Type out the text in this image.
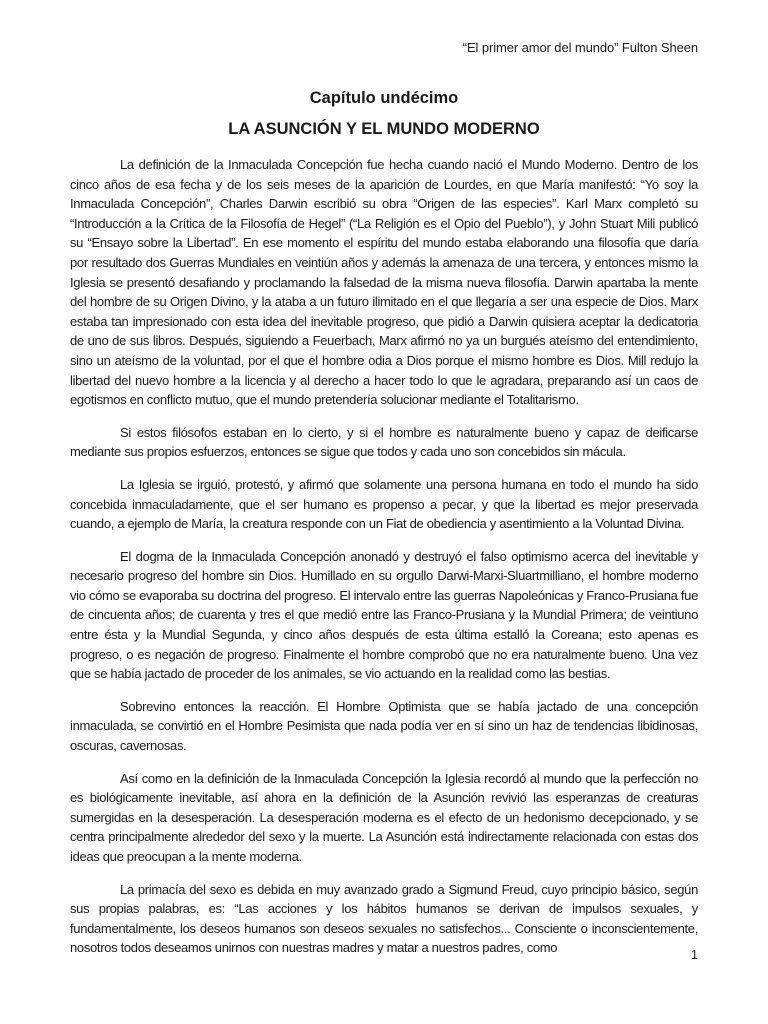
“El primer amor del mundo” Fulton Sheen
Capítulo undécimo
LA ASUNCIÓN Y EL MUNDO MODERNO

La definición de la Inmaculada Concepción fue hecha cuando nació el Mundo Moderno. Dentro de los cinco años de esa fecha y de los seis meses de la aparición de Lourdes, en que María manifestó: “Yo soy la Inmaculada Concepción”, Charles Darwin escribió su obra “Origen de las especies”. Karl Marx completó su “Introducción a la Crítica de la Filosofía de Hegel” (“La Religión es el Opio del Pueblo”), y John Stuart Mili publicó su “Ensayo sobre la Libertad”. En ese momento el espíritu del mundo estaba elaborando una filosofía que daría por resultado dos Guerras Mundiales en veintiún años y además la amenaza de una tercera, y entonces mismo la Iglesia se presentó desafiando y proclamando la falsedad de la misma nueva filosofía. Darwin apartaba la mente del hombre de su Origen Divino, y la ataba a un futuro ilimitado en el que llegaría a ser una especie de Dios. Marx estaba tan impresionado con esta idea del inevitable progreso, que pidió a Darwin quisiera aceptar la dedicatoria de uno de sus libros. Después, siguiendo a Feuerbach, Marx afirmó no ya un burgués ateísmo del entendimiento, sino un ateísmo de la voluntad, por el que el hombre odia a Dios porque el mismo hombre es Dios. Mill redujo la libertad del nuevo hombre a la licencia y al derecho a hacer todo lo que le agradara, preparando así un caos de egotismos en conflicto mutuo, que el mundo pretendería solucionar mediante el Totalitarismo.

Si estos filósofos estaban en lo cierto, y si el hombre es naturalmente bueno y capaz de deificarse mediante sus propios esfuerzos, entonces se sigue que todos y cada uno son concebidos sin mácula.

La Iglesia se irguió, protestó, y afirmó que solamente una persona humana en todo el mundo ha sido concebida inmaculadamente, que el ser humano es propenso a pecar, y que la libertad es mejor preservada cuando, a ejemplo de María, la creatura responde con un Fiat de obediencia y asentimiento a la Voluntad Divina.

El dogma de la Inmaculada Concepción anonadó y destruyó el falso optimismo acerca del inevitable y necesario progreso del hombre sin Dios. Humillado en su orgullo Darwi-Marxi-Sluartmilliano, el hombre moderno vio cómo se evaporaba su doctrina del progreso. El intervalo entre las guerras Napoleónicas y Franco-Prusiana fue de cincuenta años; de cuarenta y tres el que medió entre las Franco-Prusiana y la Mundial Primera; de veintiuno entre ésta y la Mundial Segunda, y cinco años después de esta última estalló la Coreana; esto apenas es progreso, o es negación de progreso. Finalmente el hombre comprobó que no era naturalmente bueno. Una vez que se había jactado de proceder de los animales, se vio actuando en la realidad como las bestias.

Sobrevino entonces la reacción. El Hombre Optimista que se había jactado de una concepción inmaculada, se convirtió en el Hombre Pesimista que nada podía ver en sí sino un haz de tendencias libidinosas, oscuras, cavernosas.

Así como en la definición de la Inmaculada Concepción la Iglesia recordó al mundo que la perfección no es biológicamente inevitable, así ahora en la definición de la Asunción revivió las esperanzas de creaturas sumergidas en la desesperación. La desesperación moderna es el efecto de un hedonismo decepcionado, y se centra principalmente alrededor del sexo y la muerte. La Asunción está indirectamente relacionada con estas dos ideas que preocupan a la mente moderna.

La primacía del sexo es debida en muy avanzado grado a Sigmund Freud, cuyo principio básico, según sus propias palabras, es: “Las acciones y los hábitos humanos se derivan de impulsos sexuales, y fundamentalmente, los deseos humanos son deseos sexuales no satisfechos... Consciente o inconscientemente, nosotros todos deseamos unirnos con nuestras madres y matar a nuestros padres, como	1
